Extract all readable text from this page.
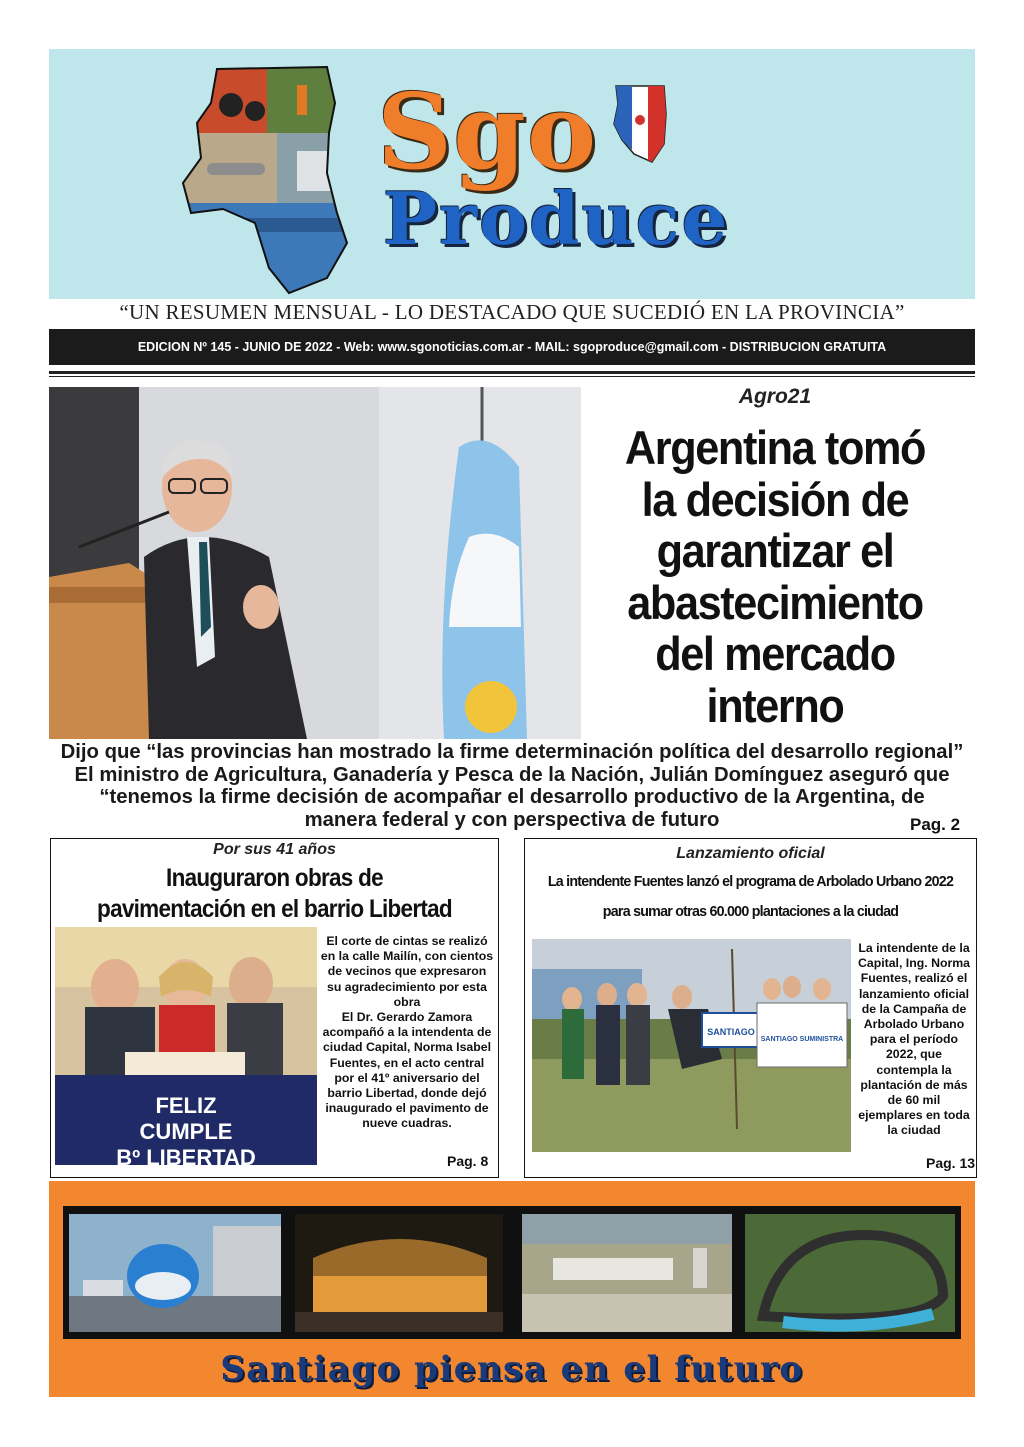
Sgo
Produce
“UN RESUMEN MENSUAL - LO DESTACADO QUE SUCEDIÓ EN LA PROVINCIA”
EDICION Nº 145 - JUNIO DE 2022 - Web: www.sgonoticias.com.ar - MAIL: sgoproduce@gmail.com - DISTRIBUCION GRATUITA
Agro21
Argentina tomó la decisión de garantizar el abastecimiento del mercado interno
Dijo que “las provincias han mostrado la firme determinación política del desarrollo regional”
El ministro de Agricultura, Ganadería y Pesca de la Nación, Julián Domínguez aseguró que “tenemos la firme decisión de acompañar el desarrollo productivo de la Argentina, de manera federal y con perspectiva de futuro	Pag. 2
Por sus 41 años
Inauguraron obras de pavimentación en el barrio Libertad
FELIZ
CUMPLE
Bº LIBERTAD
El corte de cintas se realizó en la calle Mailín, con cientos de vecinos que expresaron su agradecimiento por esta obra
El Dr. Gerardo Zamora acompañó a la intendenta de ciudad Capital, Norma Isabel Fuentes, en el acto central por el 41º aniversario del barrio Libertad, donde dejó inaugurado el pavimento de nueve cuadras.
Pag. 8
Lanzamiento oficial
La intendente Fuentes lanzó el programa de Arbolado Urbano 2022 para sumar otras 60.000 plantaciones a la ciudad
SANTIAGO
SANTIAGO SUMINISTRA
La intendente de la Capital, Ing. Norma Fuentes, realizó el lanzamiento oficial de la Campaña de Arbolado Urbano para el período 2022, que contempla la plantación de más de 60 mil ejemplares en toda la ciudad
Pag. 13
Santiago piensa en el futuro
